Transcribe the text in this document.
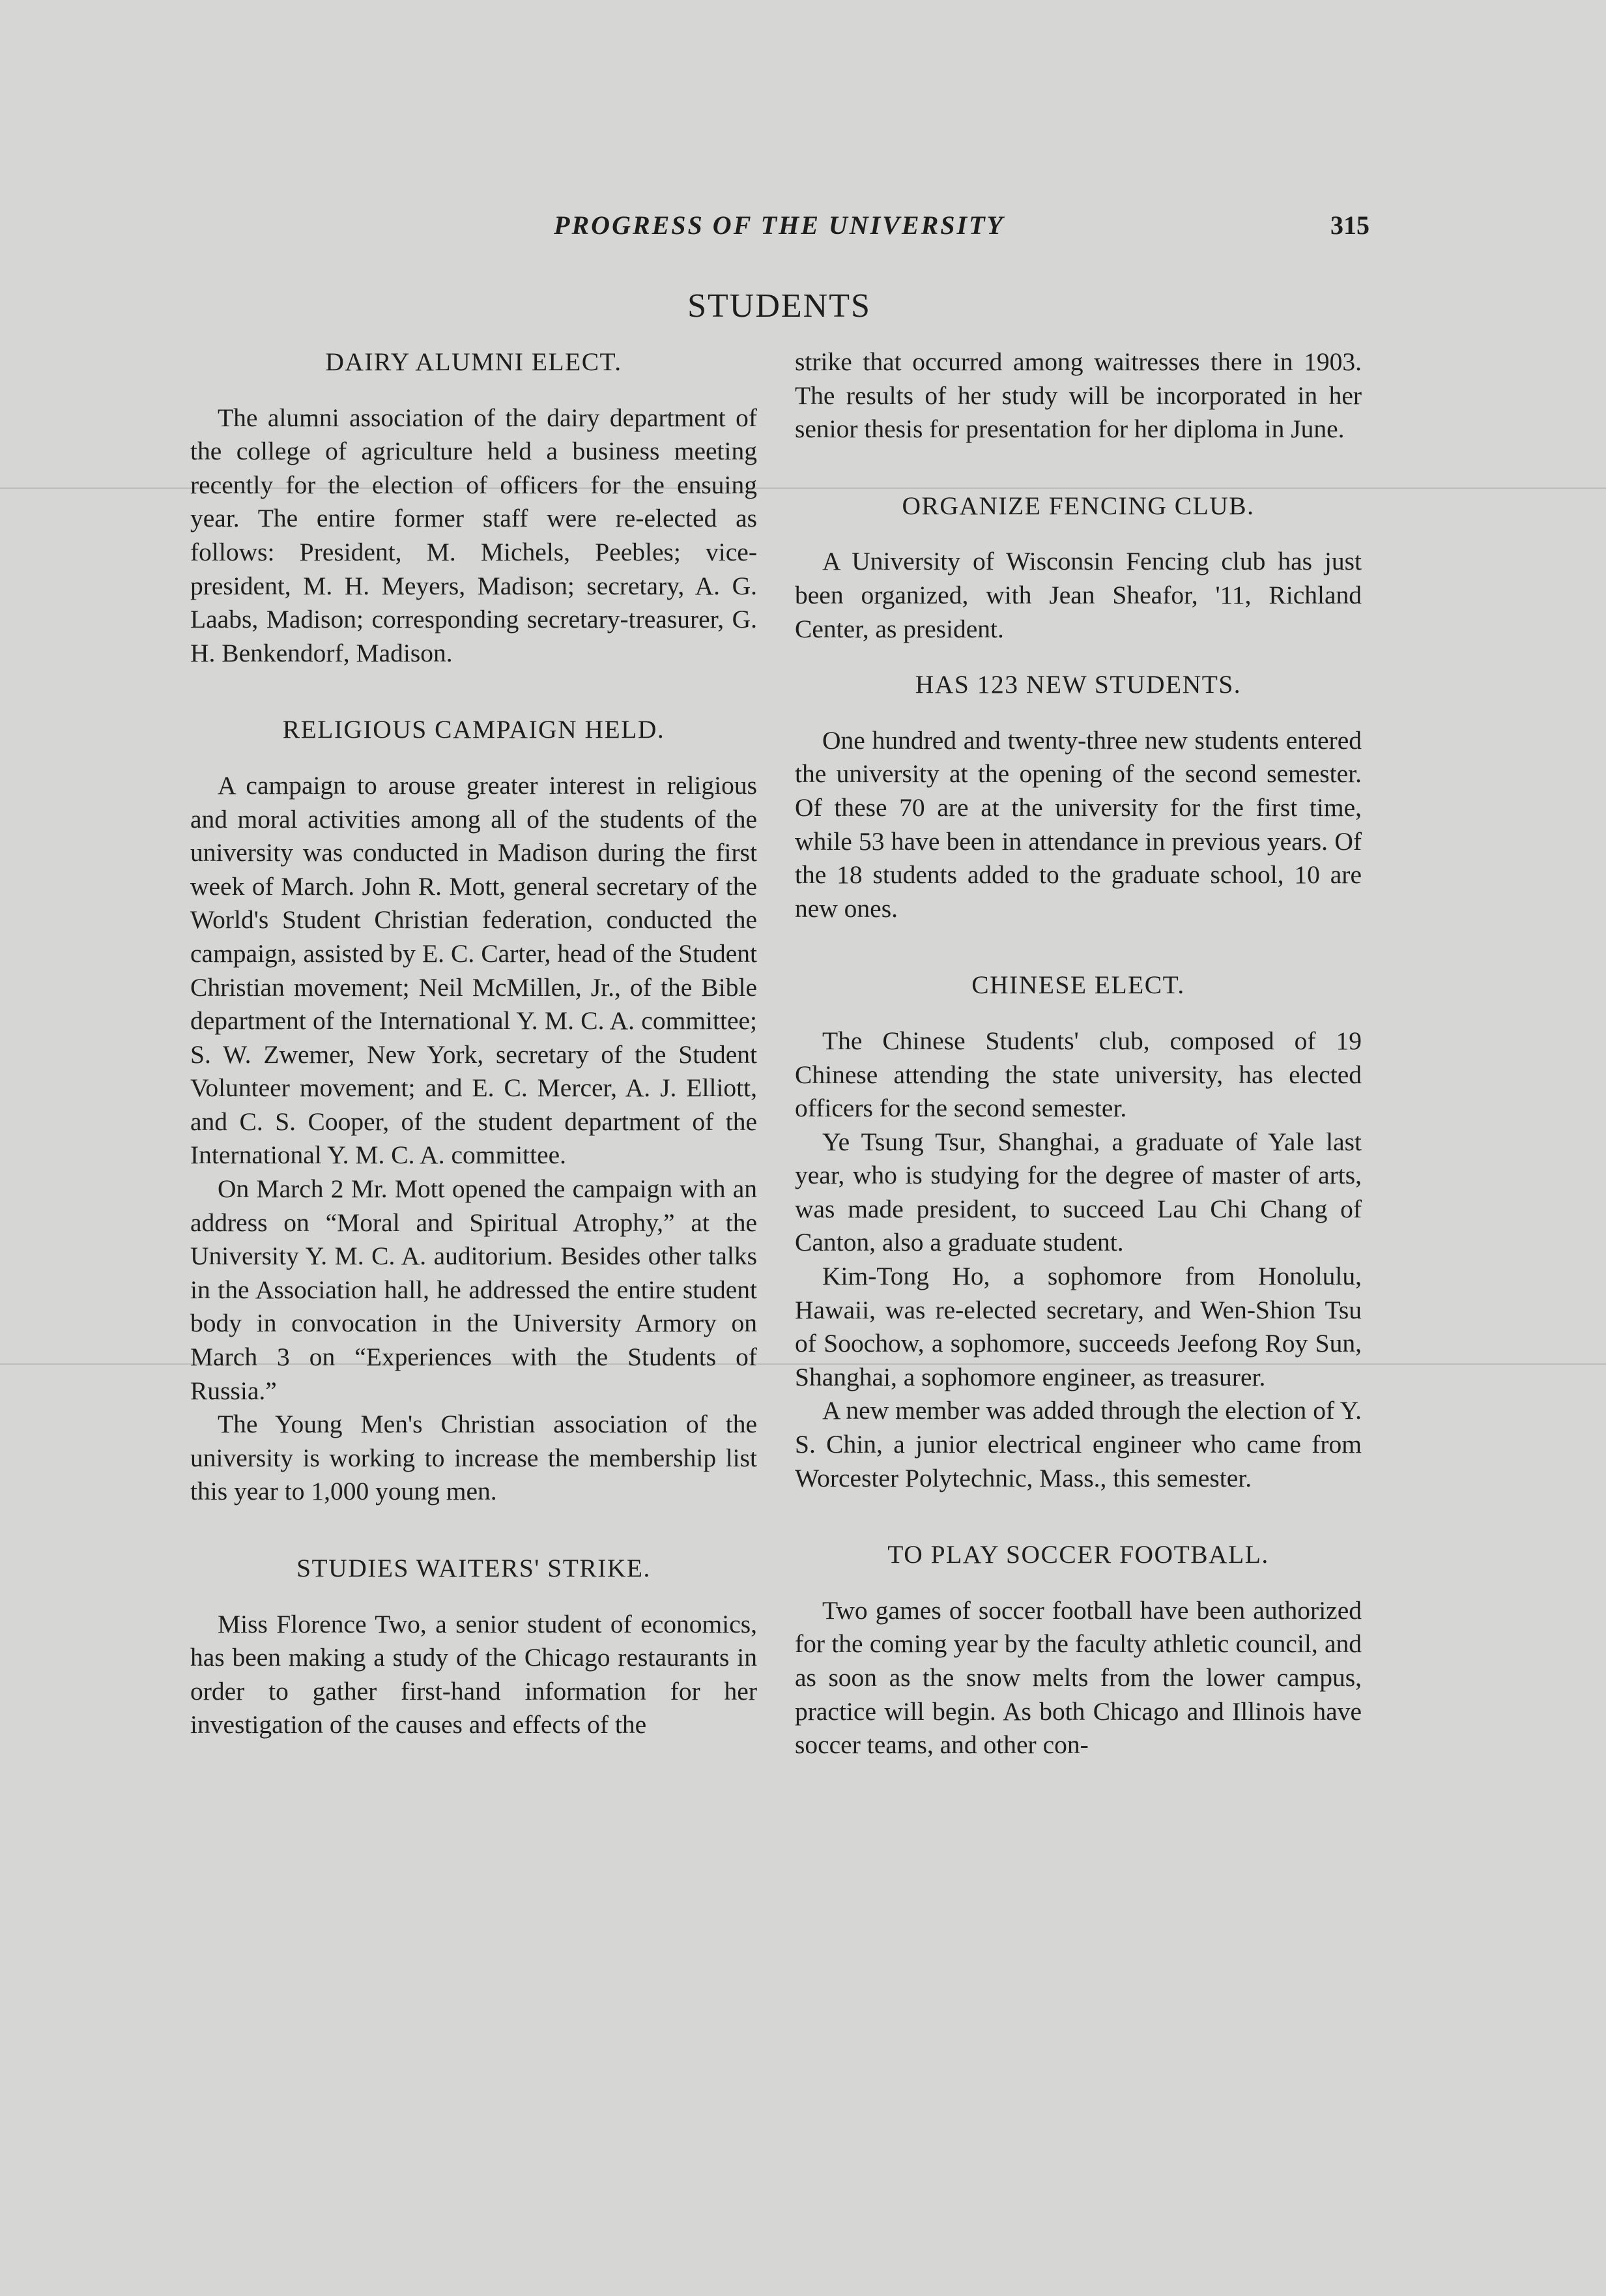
PROGRESS OF THE UNIVERSITY	315
STUDENTS
DAIRY ALUMNI ELECT.

The alumni association of the dairy department of the college of agriculture held a business meeting recently for the election of officers for the ensuing year. The entire former staff were re-elected as follows: President, M. Michels, Peebles; vice-president, M. H. Meyers, Madison; secretary, A. G. Laabs, Madison; corresponding secretary-treasurer, G. H. Benkendorf, Madison.

RELIGIOUS CAMPAIGN HELD.

A campaign to arouse greater interest in religious and moral activities among all of the students of the university was conducted in Madison during the first week of March. John R. Mott, general secretary of the World's Student Christian federation, conducted the campaign, assisted by E. C. Carter, head of the Student Christian movement; Neil McMillen, Jr., of the Bible department of the International Y. M. C. A. committee; S. W. Zwemer, New York, secretary of the Student Volunteer movement; and E. C. Mercer, A. J. Elliott, and C. S. Cooper, of the student department of the International Y. M. C. A. committee.

On March 2 Mr. Mott opened the campaign with an address on “Moral and Spiritual Atrophy,” at the University Y. M. C. A. auditorium. Besides other talks in the Association hall, he addressed the entire student body in convocation in the University Armory on March 3 on “Experiences with the Students of Russia.”

The Young Men's Christian association of the university is working to increase the membership list this year to 1,000 young men.

STUDIES WAITERS' STRIKE.

Miss Florence Two, a senior student of economics, has been making a study of the Chicago restaurants in order to gather first-hand information for her investigation of the causes and effects of the

strike that occurred among waitresses there in 1903. The results of her study will be incorporated in her senior thesis for presentation for her diploma in June.

ORGANIZE FENCING CLUB.

A University of Wisconsin Fencing club has just been organized, with Jean Sheafor, '11, Richland Center, as president.

HAS 123 NEW STUDENTS.

One hundred and twenty-three new students entered the university at the opening of the second semester. Of these 70 are at the university for the first time, while 53 have been in attendance in previous years. Of the 18 students added to the graduate school, 10 are new ones.

CHINESE ELECT.

The Chinese Students' club, composed of 19 Chinese attending the state university, has elected officers for the second semester.

Ye Tsung Tsur, Shanghai, a graduate of Yale last year, who is studying for the degree of master of arts, was made president, to succeed Lau Chi Chang of Canton, also a graduate student.

Kim-Tong Ho, a sophomore from Honolulu, Hawaii, was re-elected secretary, and Wen-Shion Tsu of Soochow, a sophomore, succeeds Jeefong Roy Sun, Shanghai, a sophomore engineer, as treasurer.

A new member was added through the election of Y. S. Chin, a junior electrical engineer who came from Worcester Polytechnic, Mass., this semester.

TO PLAY SOCCER FOOTBALL.

Two games of soccer football have been authorized for the coming year by the faculty athletic council, and as soon as the snow melts from the lower campus, practice will begin. As both Chicago and Illinois have soccer teams, and other con-
